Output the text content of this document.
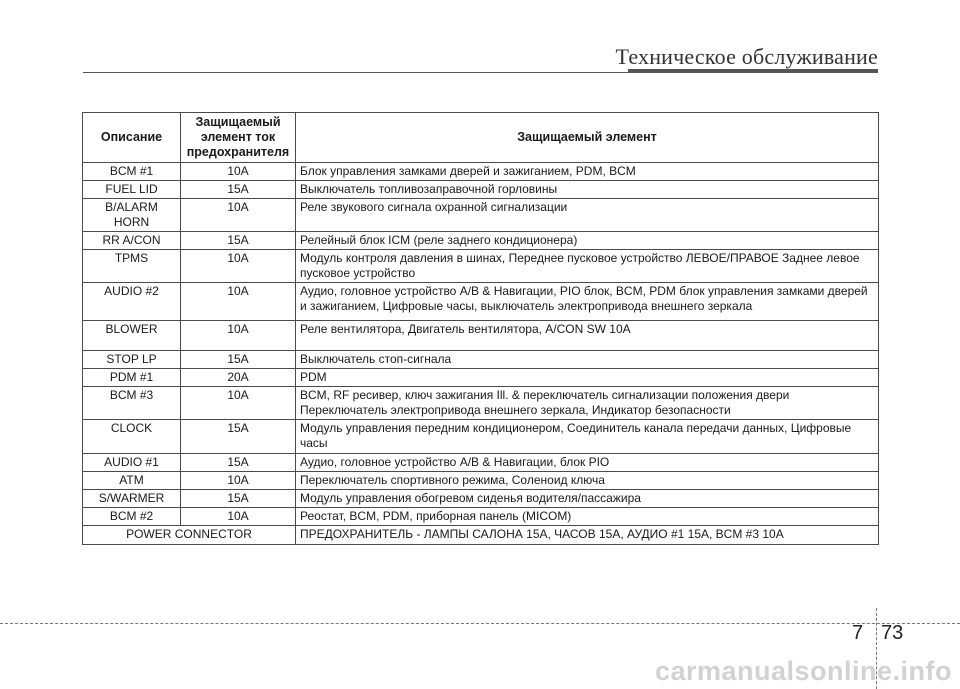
Техническое обслуживание
Описание	Защищаемый элемент ток предохранителя	Защищаемый элемент
BCM #1	10A	Блок управления замками дверей и зажиганием, PDM, BCM
FUEL LID	15A	Выключатель топливозаправочной горловины
B/ALARM HORN	10A	Реле звукового сигнала охранной сигнализации
RR A/CON	15A	Релейный блок ICM (реле заднего кондиционера)
TPMS	10A	Модуль контроля давления в шинах, Переднее пусковое устройство ЛЕВОЕ/ПРАВОЕ Заднее левое пусковое устройство
AUDIO #2	10A	Аудио, головное устройство A/B & Навигации, PIO блок, BCM, PDM блок управления замками дверей и зажиганием, Цифровые часы, выключатель электропривода внешнего зеркала
BLOWER	10A	Реле вентилятора, Двигатель вентилятора, A/CON SW 10A
STOP LP	15A	Выключатель стоп-сигнала
PDM #1	20A	PDM
BCM #3	10A	BCM, RF ресивер, ключ зажигания Ill. & переключатель сигнализации положения двери Переключатель электропривода внешнего зеркала, Индикатор безопасности
CLOCK	15A	Модуль управления передним кондиционером, Соединитель канала передачи данных, Цифровые часы
AUDIO #1	15A	Аудио, головное устройство A/B & Навигации, блок PIO
ATM	10A	Переключатель спортивного режима, Соленоид ключа
S/WARMER	15A	Модуль управления обогревом сиденья водителя/пассажира
BCM #2	10A	Реостат, BCM, PDM, приборная панель (MICOM)
POWER CONNECTOR		ПРЕДОХРАНИТЕЛЬ - ЛАМПЫ САЛОНА 15A, ЧАСОВ 15A, АУДИО #1 15A, BCM #3 10A
7 73
carmanualsonline.info
